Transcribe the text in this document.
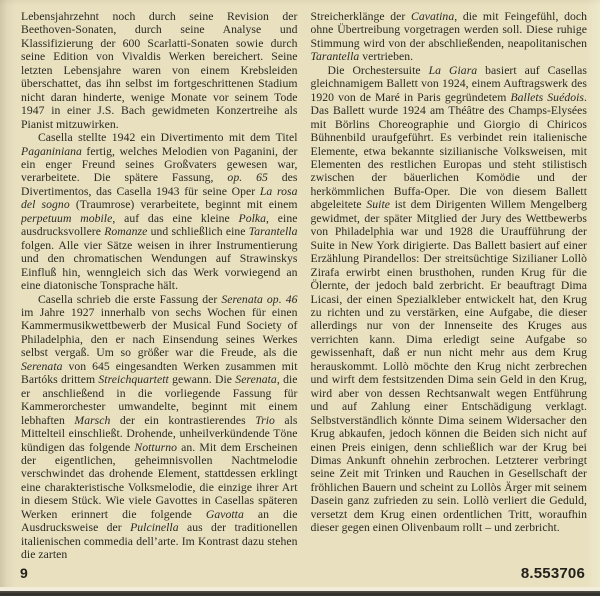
Lebensjahrzehnt noch durch seine Revision der Beethoven-Sonaten, durch seine Analyse und Klassifizierung der 600 Scarlatti-Sonaten sowie durch seine Edition von Vivaldis Werken bereichert. Seine letzten Lebensjahre waren von einem Krebsleiden überschattet, das ihn selbst im fortgeschrittenen Stadium nicht daran hinderte, wenige Monate vor seinem Tode 1947 in einer J.S. Bach gewidmeten Konzertreihe als Pianist mitzuwirken.

Casella stellte 1942 ein Divertimento mit dem Titel Paganiniana fertig, welches Melodien von Paganini, der ein enger Freund seines Großvaters gewesen war, verarbeitete. Die spätere Fassung, op. 65 des Divertimentos, das Casella 1943 für seine Oper La rosa del sogno (Traumrose) verarbeitete, beginnt mit einem perpetuum mobile, auf das eine kleine Polka, eine ausdrucksvollere Romanze und schließlich eine Tarantella folgen. Alle vier Sätze weisen in ihrer Instrumentierung und den chromatischen Wendungen auf Strawinskys Einfluß hin, wenngleich sich das Werk vorwiegend an eine diatonische Tonsprache hält.

Casella schrieb die erste Fassung der Serenata op. 46 im Jahre 1927 innerhalb von sechs Wochen für einen Kammermusikwettbewerb der Musical Fund Society of Philadelphia, den er nach Einsendung seines Werkes selbst vergaß. Um so größer war die Freude, als die Serenata von 645 eingesandten Werken zusammen mit Bartóks drittem Streichquartett gewann. Die Serenata, die er anschließend in die vorliegende Fassung für Kammerorchester umwandelte, beginnt mit einem lebhaften Marsch der ein kontrastierendes Trio als Mittelteil einschließt. Drohende, unheilverkündende Töne kündigen das folgende Notturno an. Mit dem Erscheinen der eigentlichen, geheimnisvollen Nachtmelodie verschwindet das drohende Element, stattdessen erklingt eine charakteristische Volksmelodie, die einzige ihrer Art in diesem Stück. Wie viele Gavottes in Casellas späteren Werken erinnert die folgende Gavotta an die Ausdrucksweise der Pulcinella aus der traditionellen italienischen commedia dell’arte. Im Kontrast dazu stehen die zarten

Streicherklänge der Cavatina, die mit Feingefühl, doch ohne Übertreibung vorgetragen werden soll. Diese ruhige Stimmung wird von der abschließenden, neapolitanischen Tarantella vertrieben.

Die Orchestersuite La Giara basiert auf Casellas gleichnamigem Ballett von 1924, einem Auftragswerk des 1920 von de Maré in Paris gegründetem Ballets Suédois. Das Ballett wurde 1924 am Théâtre des Champs-Elysées mit Börlins Choreographie und Giorgio di Chiricos Bühnenbild uraufgeführt. Es verbindet rein italienische Elemente, etwa bekannte sizilianische Volksweisen, mit Elementen des restlichen Europas und steht stilistisch zwischen der bäuerlichen Komödie und der herkömmlichen Buffa-Oper. Die von diesem Ballett abgeleitete Suite ist dem Dirigenten Willem Mengelberg gewidmet, der später Mitglied der Jury des Wettbewerbs von Philadelphia war und 1928 die Uraufführung der Suite in New York dirigierte. Das Ballett basiert auf einer Erzählung Pirandellos: Der streitsüchtige Sizilianer Lollò Zirafa erwirbt einen brusthohen, runden Krug für die Ölernte, der jedoch bald zerbricht. Er beauftragt Dima Licasi, der einen Spezialkleber entwickelt hat, den Krug zu richten und zu verstärken, eine Aufgabe, die dieser allerdings nur von der Innenseite des Kruges aus verrichten kann. Dima erledigt seine Aufgabe so gewissenhaft, daß er nun nicht mehr aus dem Krug herauskommt. Lollò möchte den Krug nicht zerbrechen und wirft dem festsitzenden Dima sein Geld in den Krug, wird aber von dessen Rechtsanwalt wegen Entführung und auf Zahlung einer Entschädigung verklagt. Selbstverständlich könnte Dima seinem Widersacher den Krug abkaufen, jedoch können die Beiden sich nicht auf einen Preis einigen, denn schließlich war der Krug bei Dimas Ankunft ohnehin zerbrochen. Letzterer verbringt seine Zeit mit Trinken und Rauchen in Gesellschaft der fröhlichen Bauern und scheint zu Lollòs Ärger mit seinem Dasein ganz zufrieden zu sein. Lollò verliert die Geduld, versetzt dem Krug einen ordentlichen Tritt, woraufhin dieser gegen einen Olivenbaum rollt – und zerbricht.

9	8.553706
